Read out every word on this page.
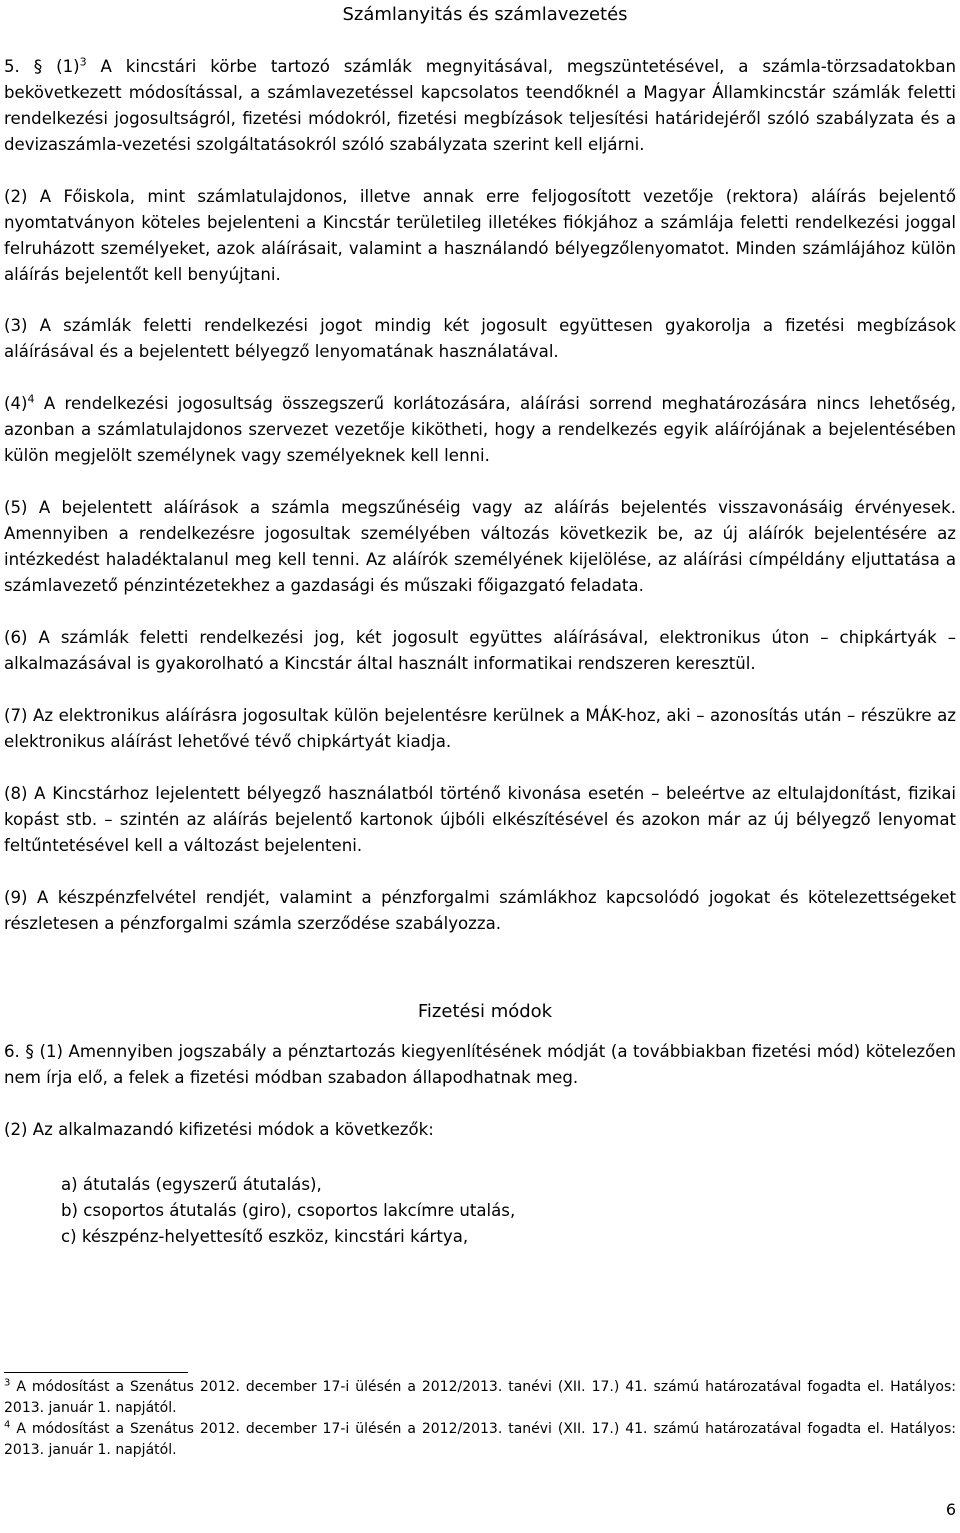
Számlanyitás és számlavezetés

5. § $(1)^3$ A kincstári körbe tartozó számlák megnyitásával, megszüntetésével, a számla-törzsadatokban bekövetkezett módosítással, a számlavezetéssel kapcsolatos teendőknél a Magyar Államkincstár számlák feletti rendelkezési jogosultságról, fizetési módokról, fizetési megbízások teljesítési határidejéről szóló szabályzata és a devizaszámla-vezetési szolgáltatásokról szóló szabályzata szerint kell eljárni.

(2) A Főiskola, mint számlatulajdonos, illetve annak erre feljogosított vezetője (rektora) aláírás bejelentő nyomtatványon köteles bejelenteni a Kincstár területileg illetékes fiókjához a számlája feletti rendelkezési joggal felruházott személyeket, azok aláírásait, valamint a használandó bélyegzőlenyomatot. Minden számlájához külön aláírás bejelentőt kell benyújtani.

(3) A számlák feletti rendelkezési jogot mindig két jogosult együttesen gyakorolja a fizetési megbízások aláírásával és a bejelentett bélyegző lenyomatának használatával.

$(4)^4$ A rendelkezési jogosultság összegszerű korlátozására, aláírási sorrend meghatározására nincs lehetőség, azonban a számlatulajdonos szervezet vezetője kikötheti, hogy a rendelkezés egyik aláírójának a bejelentésében külön megjelölt személynek vagy személyeknek kell lenni.

(5) A bejelentett aláírások a számla megszűnéséig vagy az aláírás bejelentés visszavonásáig érvényesek. Amennyiben a rendelkezésre jogosultak személyében változás következik be, az új aláírók bejelentésére az intézkedést haladéktalanul meg kell tenni. Az aláírók személyének kijelölése, az aláírási címpéldány eljuttatása a számlavezető pénzintézetekhez a gazdasági és műszaki főigazgató feladata.

(6) A számlák feletti rendelkezési jog, két jogosult együttes aláírásával, elektronikus úton – chipkártyák – alkalmazásával is gyakorolható a Kincstár által használt informatikai rendszeren keresztül.

(7) Az elektronikus aláírásra jogosultak külön bejelentésre kerülnek a MÁK-hoz, aki – azonosítás után – részükre az elektronikus aláírást lehetővé tévő chipkártyát kiadja.

(8) A Kincstárhoz lejelentett bélyegző használatból történő kivonása esetén – beleértve az eltulajdonítást, fizikai kopást stb. – szintén az aláírás bejelentő kartonok újbóli elkészítésével és azokon már az új bélyegző lenyomat feltűntetésével kell a változást bejelenteni.

(9) A készpénzfelvétel rendjét, valamint a pénzforgalmi számlákhoz kapcsolódó jogokat és kötelezettségeket részletesen a pénzforgalmi számla szerződése szabályozza.

Fizetési módok

6. § (1) Amennyiben jogszabály a pénztartozás kiegyenlítésének módját (a továbbiakban fizetési mód) kötelezően nem írja elő, a felek a fizetési módban szabadon állapodhatnak meg.

(2) Az alkalmazandó kifizetési módok a következők:

a) átutalás (egyszerű átutalás),
b) csoportos átutalás (giro), csoportos lakcímre utalás,
c) készpénz-helyettesítő eszköz, kincstári kártya,
$^3$ A módosítást a Szenátus 2012. december 17-i ülésén a 2012/2013. tanévi (XII. 17.) 41. számú határozatával fogadta el. Hatályos: 2013. január 1. napjától.
$^4$ A módosítást a Szenátus 2012. december 17-i ülésén a 2012/2013. tanévi (XII. 17.) 41. számú határozatával fogadta el. Hatályos: 2013. január 1. napjától.
6
